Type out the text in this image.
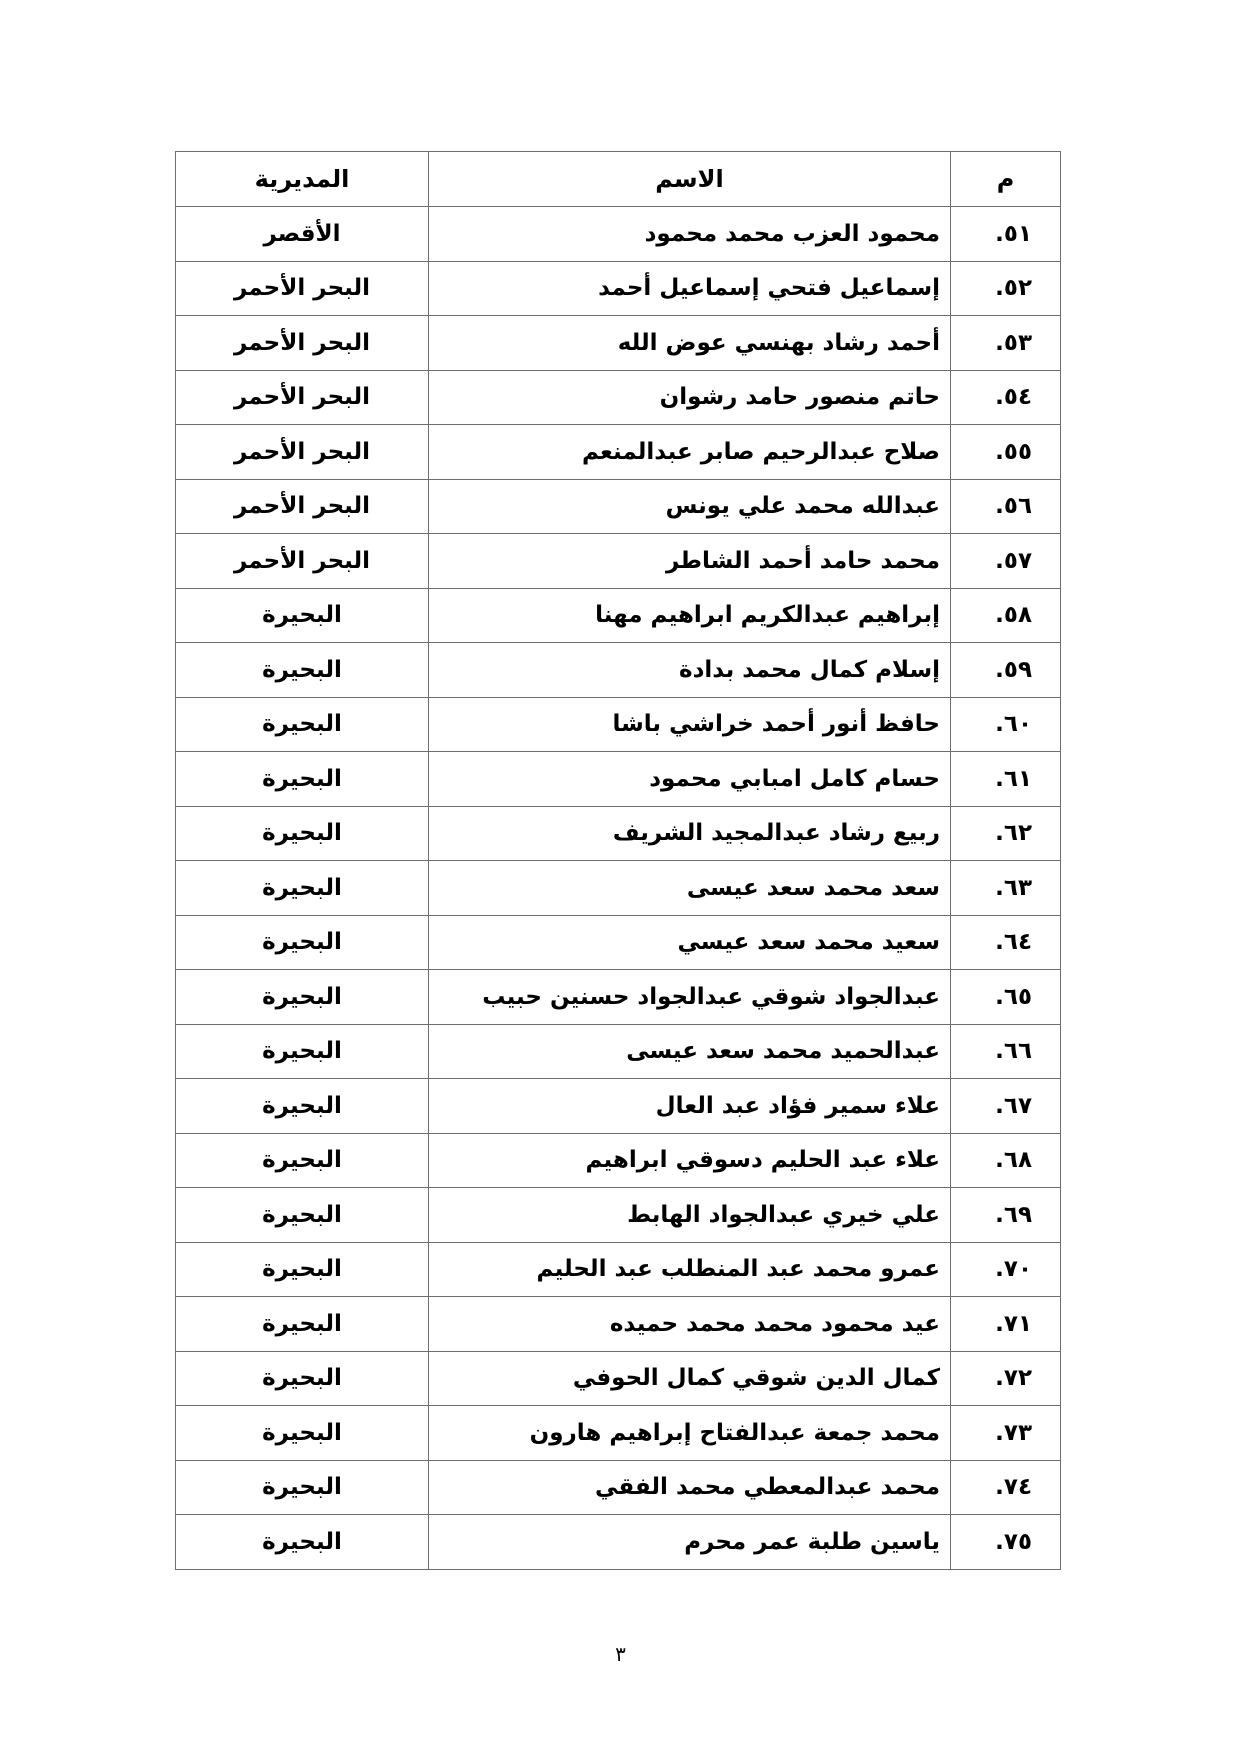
م	الاسم	المديرية
٥١.	محمود العزب محمد محمود	الأقصر
٥٢.	إسماعيل فتحي إسماعيل أحمد	البحر الأحمر
٥٣.	أحمد رشاد بهنسي عوض الله	البحر الأحمر
٥٤.	حاتم منصور حامد رشوان	البحر الأحمر
٥٥.	صلاح عبدالرحيم صابر عبدالمنعم	البحر الأحمر
٥٦.	عبدالله محمد علي يونس	البحر الأحمر
٥٧.	محمد حامد أحمد الشاطر	البحر الأحمر
٥٨.	إبراهيم عبدالكريم ابراهيم مهنا	البحيرة
٥٩.	إسلام كمال محمد بدادة	البحيرة
٦٠.	حافظ أنور أحمد خراشي باشا	البحيرة
٦١.	حسام كامل امبابي محمود	البحيرة
٦٢.	ربيع رشاد عبدالمجيد الشريف	البحيرة
٦٣.	سعد محمد سعد عيسى	البحيرة
٦٤.	سعيد محمد سعد عيسي	البحيرة
٦٥.	عبدالجواد شوقي عبدالجواد حسنين حبيب	البحيرة
٦٦.	عبدالحميد محمد سعد عيسى	البحيرة
٦٧.	علاء سمير فؤاد عبد العال	البحيرة
٦٨.	علاء عبد الحليم دسوقي ابراهيم	البحيرة
٦٩.	علي خيري عبدالجواد الهابط	البحيرة
٧٠.	عمرو محمد عبد المنطلب عبد الحليم	البحيرة
٧١.	عيد محمود محمد محمد حميده	البحيرة
٧٢.	كمال الدين شوقي كمال الحوفي	البحيرة
٧٣.	محمد جمعة عبدالفتاح إبراهيم هارون	البحيرة
٧٤.	محمد عبدالمعطي محمد الفقي	البحيرة
٧٥.	ياسين طلبة عمر محرم	البحيرة
٣
